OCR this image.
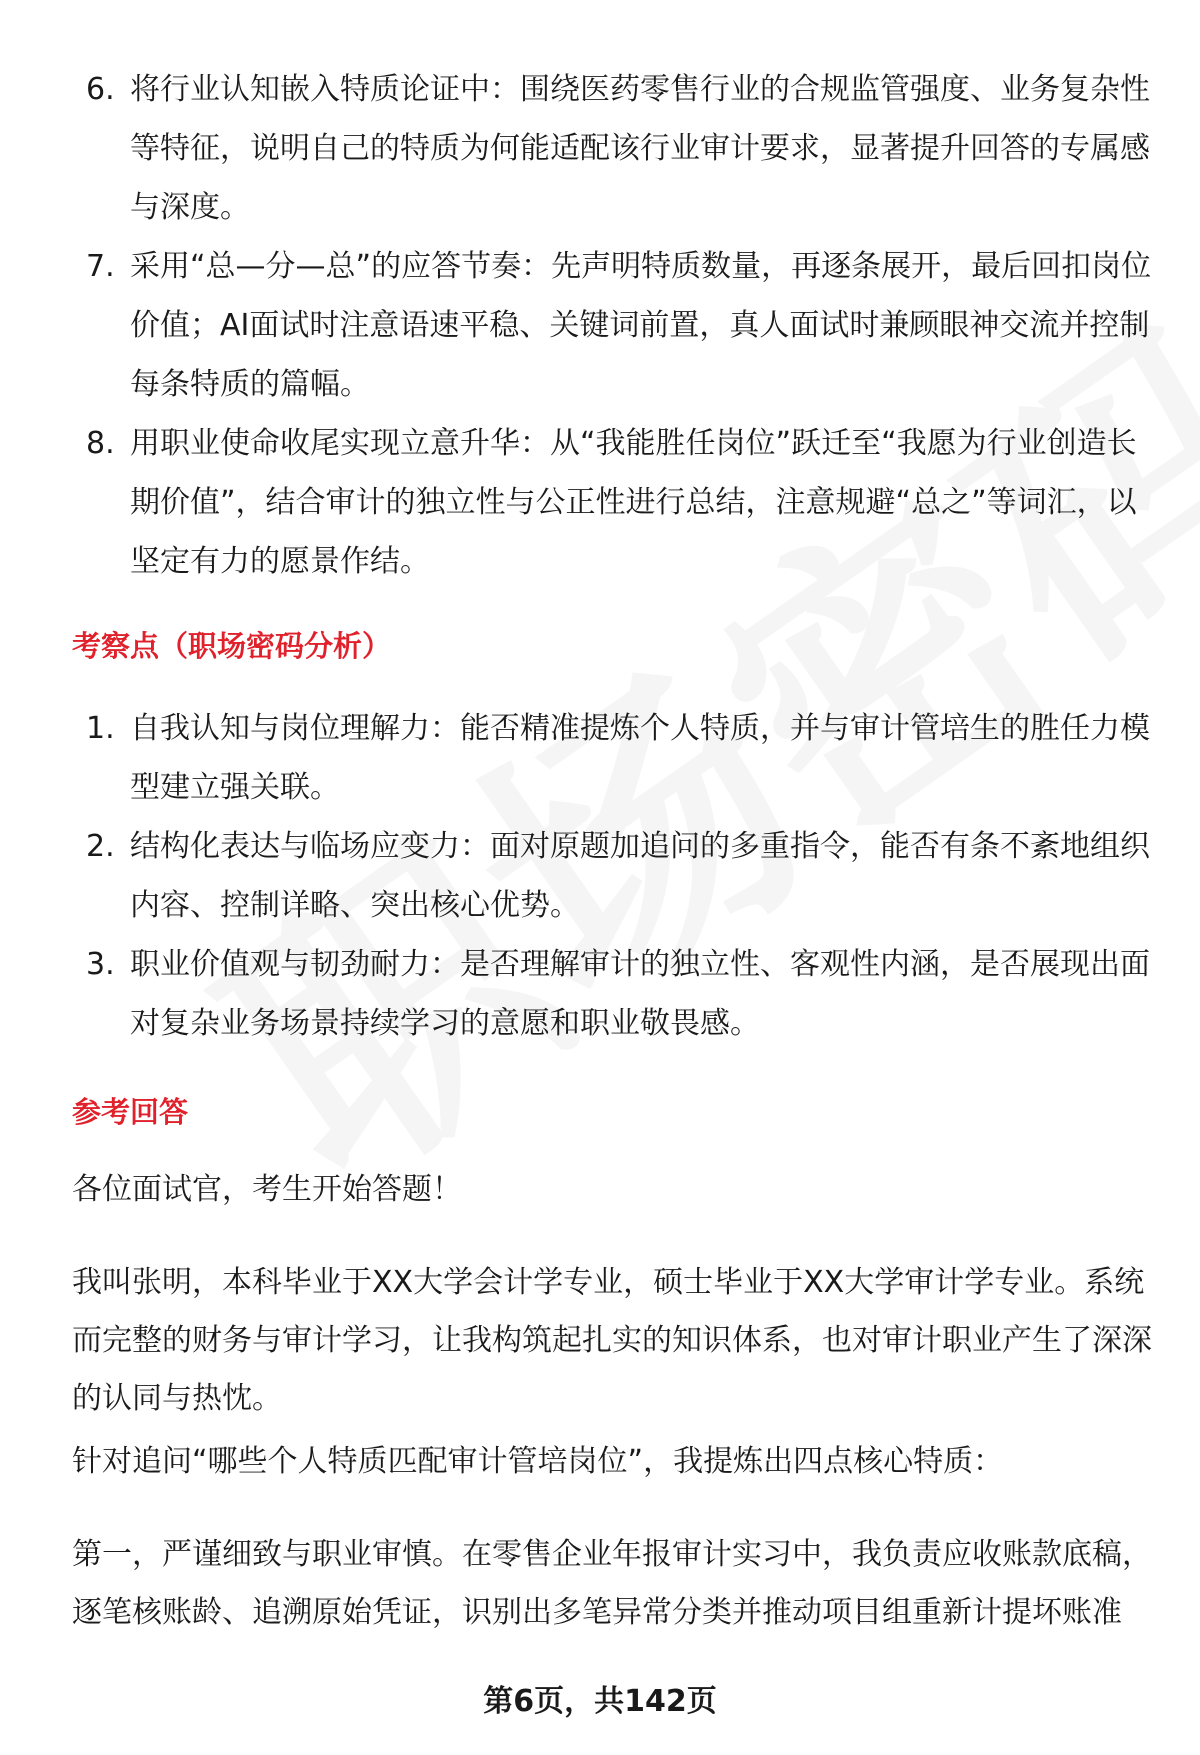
6. 将行业认知嵌入特质论证中：围绕医药零售行业的合规监管强度、业务复杂性等特征，说明自己的特质为何能适配该行业审计要求，显著提升回答的专属感与深度。
7. 采用“总—分—总”的应答节奏：先声明特质数量，再逐条展开，最后回扣岗位价值；AI面试时注意语速平稳、关键词前置，真人面试时兼顾眼神交流并控制每条特质的篇幅。
8. 用职业使命收尾实现立意升华：从“我能胜任岗位”跃迁至“我愿为行业创造长期价值”，结合审计的独立性与公正性进行总结，注意规避“总之”等词汇，以坚定有力的愿景作结。
考察点（职场密码分析）
1. 自我认知与岗位理解力：能否精准提炼个人特质，并与审计管培生的胜任力模型建立强关联。
2. 结构化表达与临场应变力：面对原题加追问的多重指令，能否有条不紊地组织内容、控制详略、突出核心优势。
3. 职业价值观与韧劲耐力：是否理解审计的独立性、客观性内涵，是否展现出面对复杂业务场景持续学习的意愿和职业敬畏感。
参考回答

各位面试官，考生开始答题！

我叫张明，本科毕业于XX大学会计学专业，硕士毕业于XX大学审计学专业。系统而完整的财务与审计学习，让我构筑起扎实的知识体系，也对审计职业产生了深深的认同与热忱。

针对追问“哪些个人特质匹配审计管培岗位”，我提炼出四点核心特质：

第一，严谨细致与职业审慎。在零售企业年报审计实习中，我负责应收账款底稿，逐笔核账龄、追溯原始凭证，识别出多笔异常分类并推动项目组重新计提坏账准

第6页，共142页
